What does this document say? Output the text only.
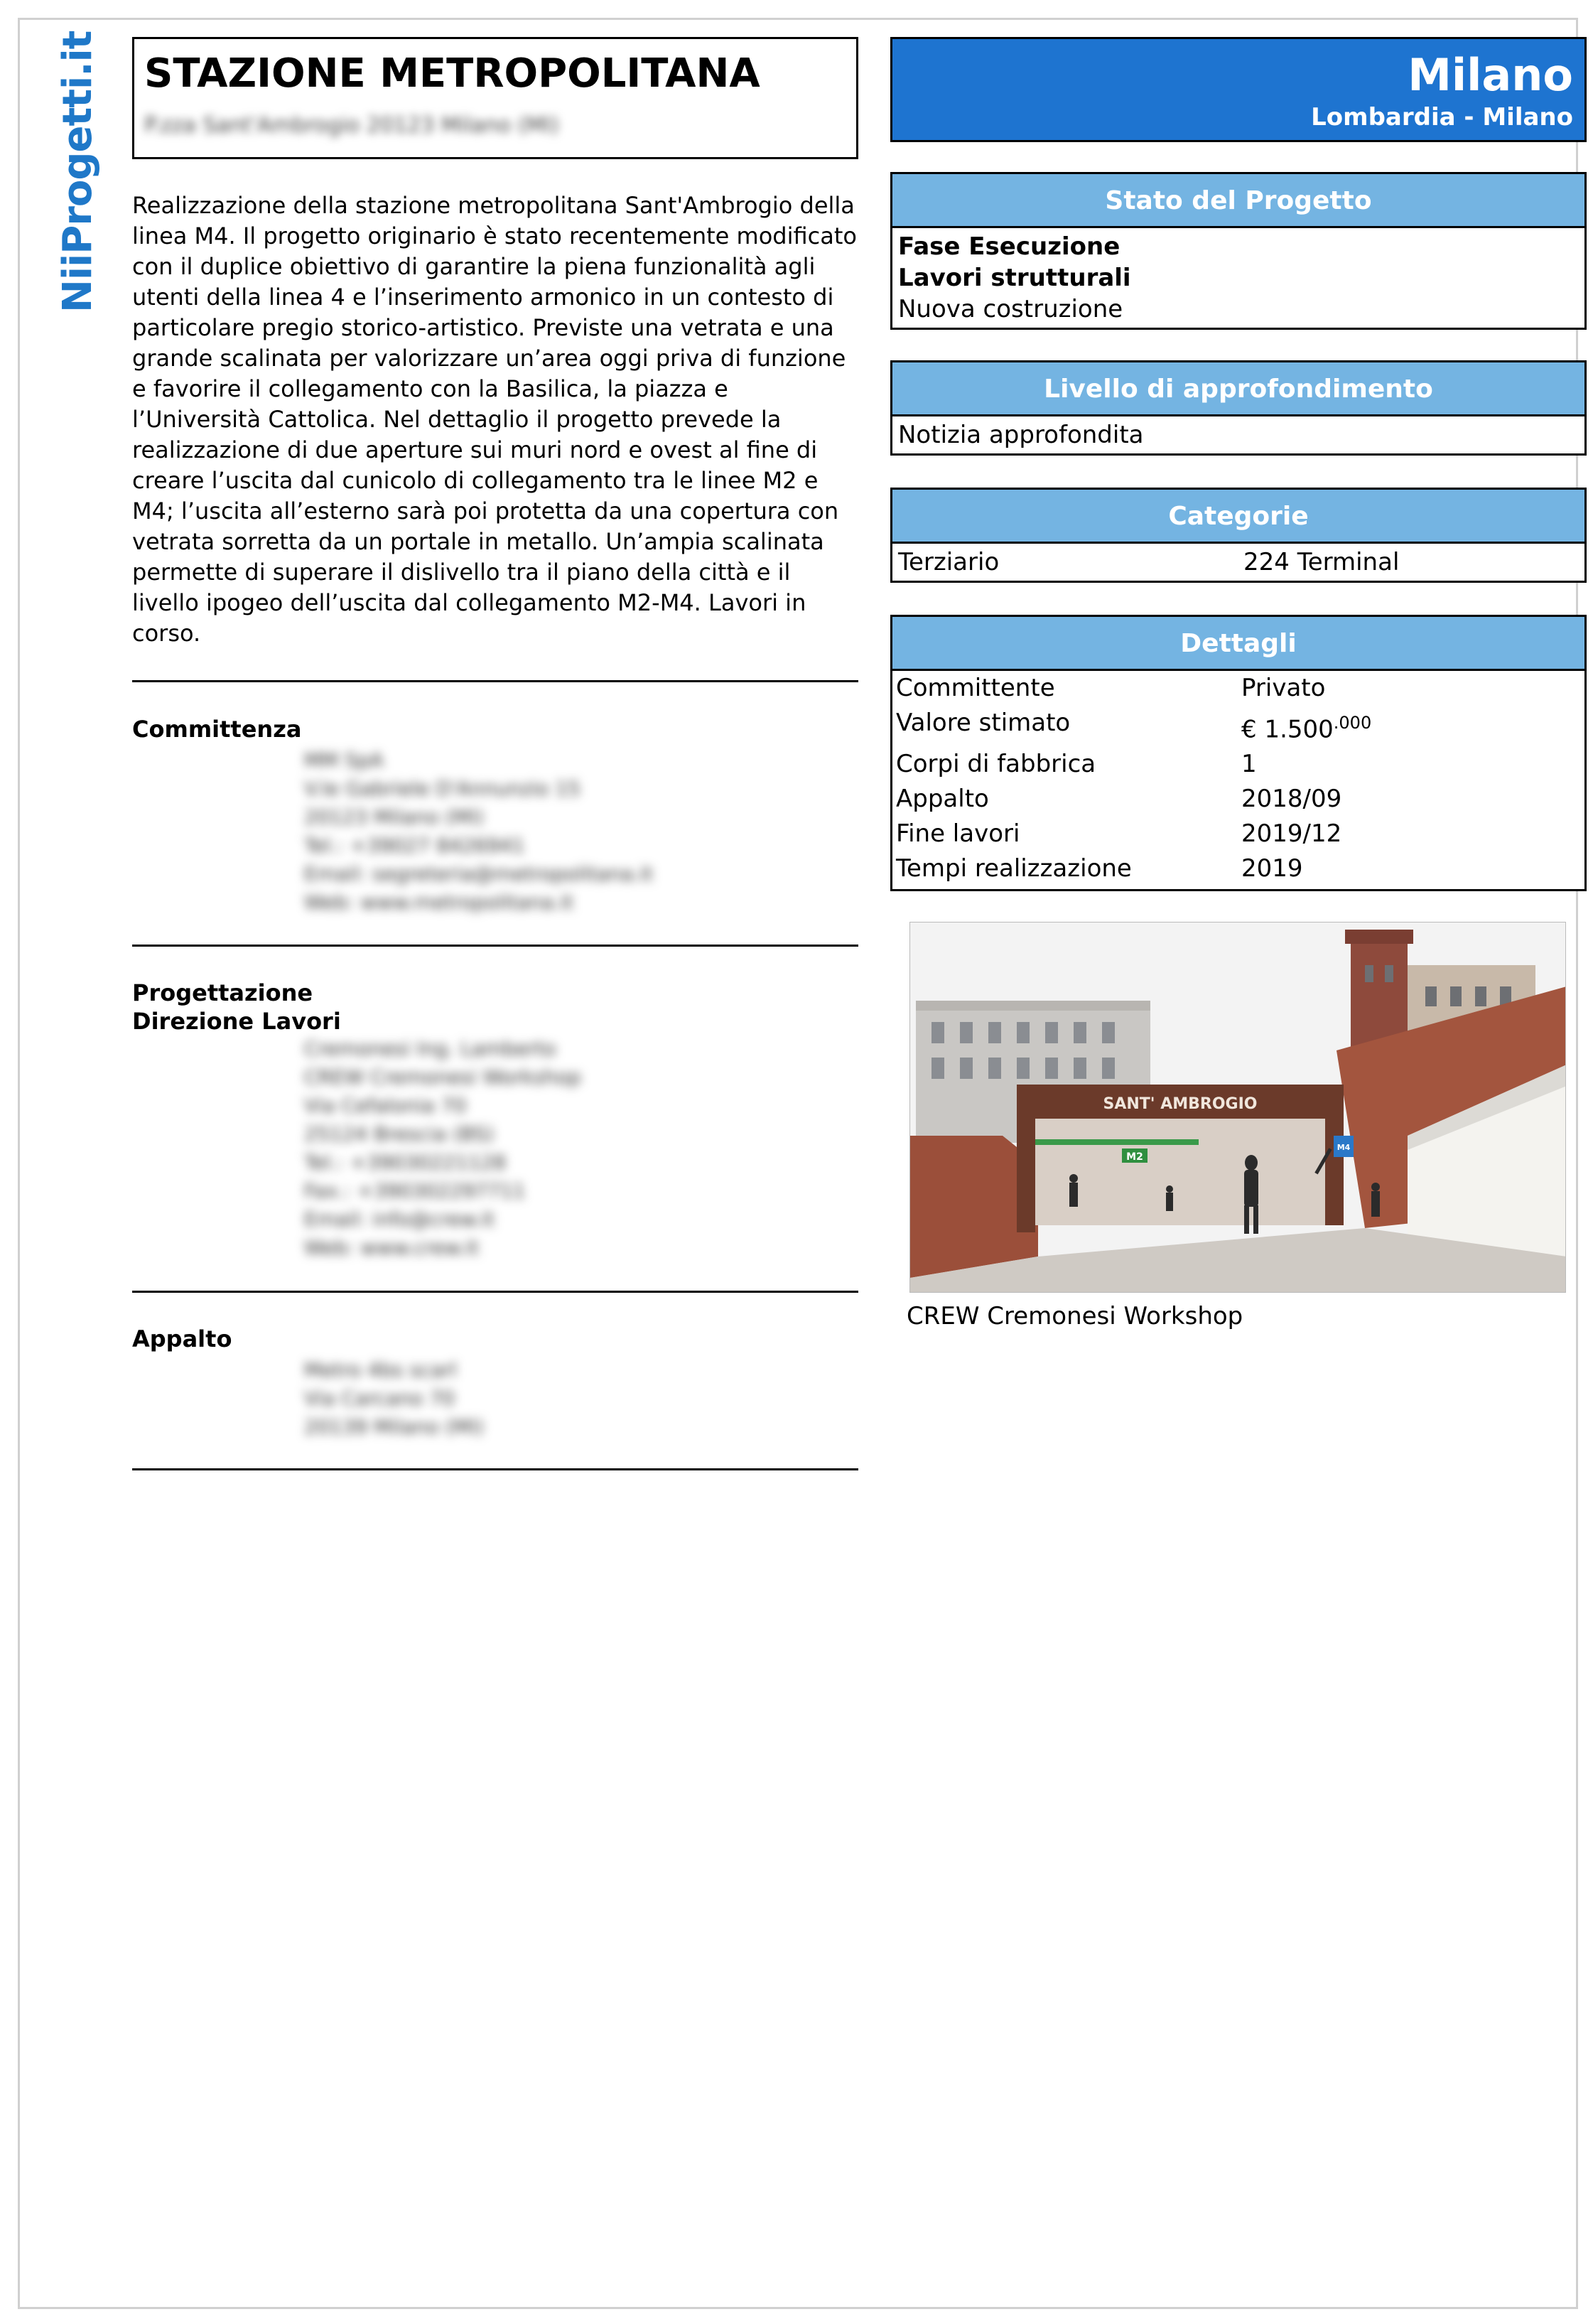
NiiProgetti.it STAZIONE METROPOLITANA
P.zza Sant'Ambrogio 20123 Milano (MI)
Realizzazione della stazione metropolitana Sant'Ambrogio della linea M4. Il progetto originario è stato recentemente modificato con il duplice obiettivo di garantire la piena funzionalità agli utenti della linea 4 e l’inserimento armonico in un contesto di particolare pregio storico-artistico. Previste una vetrata e una grande scalinata per valorizzare un’area oggi priva di funzione e favorire il collegamento con la Basilica, la piazza e l’Università Cattolica. Nel dettaglio il progetto prevede la realizzazione di due aperture sui muri nord e ovest al fine di creare l’uscita dal cunicolo di collegamento tra le linee M2 e M4; l’uscita all’esterno sarà poi protetta da una copertura con vetrata sorretta da un portale in metallo. Un’ampia scalinata permette di superare il dislivello tra il piano della città e il livello ipogeo dell’uscita dal collegamento M2-M4. Lavori in corso.
Committenza
MM SpA
V.le Gabriele D'Annunzio 15
20123 Milano (MI)
Tel.: +39027 8426941
Email: segreteria@metropolitana.it
Web: www.metropolitana.it
Progettazione
Direzione Lavori
Cremonesi Ing. Lamberto
CREW Cremonesi Workshop
Via Cefalonia 70
25124 Brescia (BS)
Tel.: +39030221128
Fax.: +390302297711
Email: info@crew.it
Web: www.crew.it
Appalto
Metro 4bs scarl
Via Carcano 70
20139 Milano (MI)
Milano
Lombardia - Milano
Stato del Progetto
Fase Esecuzione
Lavori strutturali
Nuova costruzione
Livello di approfondimento
Notizia approfondita
Categorie
Terziario	224 Terminal
Dettagli
Committente	Privato
Valore stimato	€ $1.500^{.000}$
Corpi di fabbrica	1
Appalto	2018/09
Fine lavori	2019/12
Tempi realizzazione	2019
SANT' AMBROGIO
M2
M4
CREW Cremonesi Workshop
